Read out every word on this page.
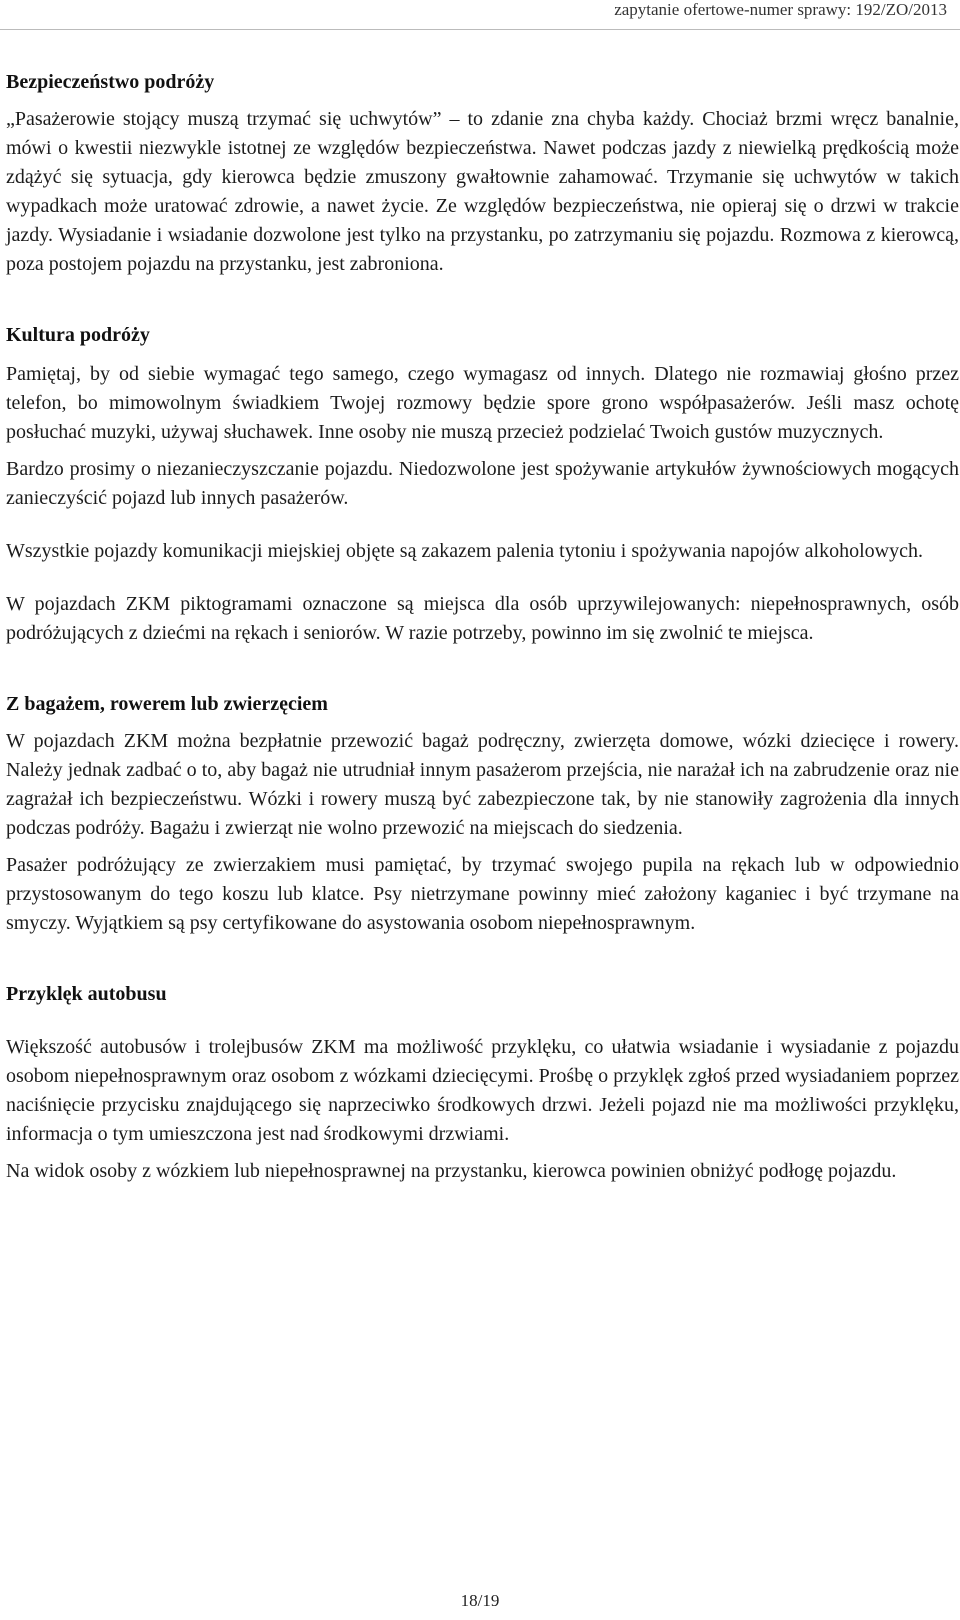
zapytanie ofertowe-numer sprawy: 192/ZO/2013
Bezpieczeństwo podróży

„Pasażerowie stojący muszą trzymać się uchwytów” – to zdanie zna chyba każdy. Chociaż brzmi wręcz banalnie, mówi o kwestii niezwykle istotnej ze względów bezpieczeństwa. Nawet podczas jazdy z niewielką prędkością może zdążyć się sytuacja, gdy kierowca będzie zmuszony gwałtownie zahamować. Trzymanie się uchwytów w takich wypadkach może uratować zdrowie, a nawet życie. Ze względów bezpieczeństwa, nie opieraj się o drzwi w trakcie jazdy. Wysiadanie i wsiadanie dozwolone jest tylko na przystanku, po zatrzymaniu się pojazdu. Rozmowa z kierowcą, poza postojem pojazdu na przystanku, jest zabroniona.

Kultura podróży

Pamiętaj, by od siebie wymagać tego samego, czego wymagasz od innych. Dlatego nie rozmawiaj głośno przez telefon, bo mimowolnym świadkiem Twojej rozmowy będzie spore grono współpasażerów. Jeśli masz ochotę posłuchać muzyki, używaj słuchawek. Inne osoby nie muszą przecież podzielać Twoich gustów muzycznych.

Bardzo prosimy o niezanieczyszczanie pojazdu. Niedozwolone jest spożywanie artykułów żywnościowych mogących zanieczyścić pojazd lub innych pasażerów.

Wszystkie pojazdy komunikacji miejskiej objęte są zakazem palenia tytoniu i spożywania napojów alkoholowych.

W pojazdach ZKM piktogramami oznaczone są miejsca dla osób uprzywilejowanych: niepełnosprawnych, osób podróżujących z dziećmi na rękach i seniorów. W razie potrzeby, powinno im się zwolnić te miejsca.

Z bagażem, rowerem lub zwierzęciem

W pojazdach ZKM można bezpłatnie przewozić bagaż podręczny, zwierzęta domowe, wózki dziecięce i rowery. Należy jednak zadbać o to, aby bagaż nie utrudniał innym pasażerom przejścia, nie narażał ich na zabrudzenie oraz nie zagrażał ich bezpieczeństwu. Wózki i rowery muszą być zabezpieczone tak, by nie stanowiły zagrożenia dla innych podczas podróży. Bagażu i zwierząt nie wolno przewozić na miejscach do siedzenia.

Pasażer podróżujący ze zwierzakiem musi pamiętać, by trzymać swojego pupila na rękach lub w odpowiednio przystosowanym do tego koszu lub klatce. Psy nietrzymane powinny mieć założony kaganiec i być trzymane na smyczy. Wyjątkiem są psy certyfikowane do asystowania osobom niepełnosprawnym.

Przyklęk autobusu

Większość autobusów i trolejbusów ZKM ma możliwość przyklęku, co ułatwia wsiadanie i wysiadanie z pojazdu osobom niepełnosprawnym oraz osobom z wózkami dziecięcymi. Prośbę o przyklęk zgłoś przed wysiadaniem poprzez naciśnięcie przycisku znajdującego się naprzeciwko środkowych drzwi. Jeżeli pojazd nie ma możliwości przyklęku, informacja o tym umieszczona jest nad środkowymi drzwiami.

Na widok osoby z wózkiem lub niepełnosprawnej na przystanku, kierowca powinien obniżyć podłogę pojazdu.

18/19
